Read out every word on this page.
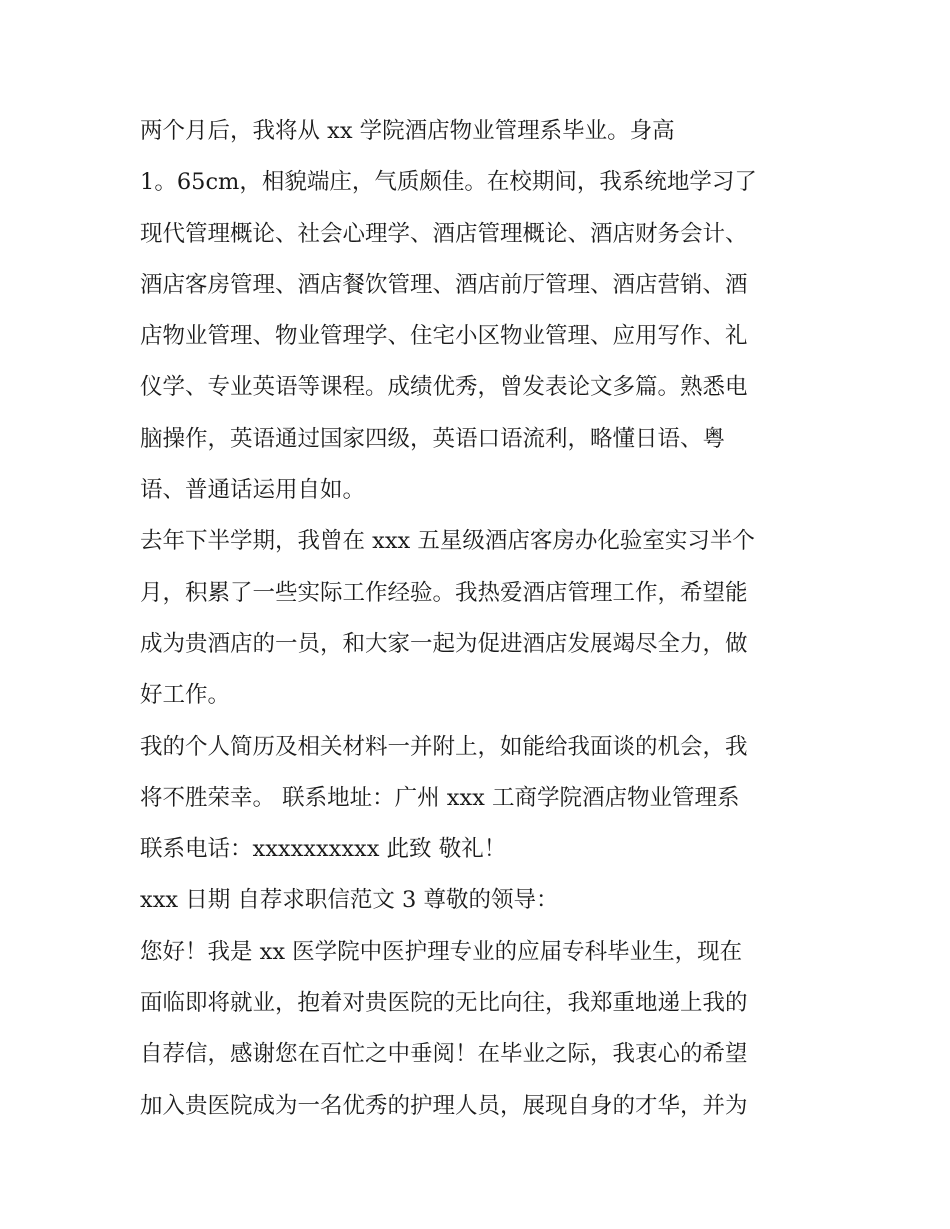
两个月后，我将从 xx 学院酒店物业管理系毕业。身高
1。65cm，相貌端庄，气质颇佳。在校期间，我系统地学习了
现代管理概论、社会心理学、酒店管理概论、酒店财务会计、
酒店客房管理、酒店餐饮管理、酒店前厅管理、酒店营销、酒
店物业管理、物业管理学、住宅小区物业管理、应用写作、礼
仪学、专业英语等课程。成绩优秀，曾发表论文多篇。熟悉电
脑操作，英语通过国家四级，英语口语流利，略懂日语、粤
语、普通话运用自如。
去年下半学期，我曾在 xxx 五星级酒店客房办化验室实习半个
月，积累了一些实际工作经验。我热爱酒店管理工作，希望能
成为贵酒店的一员，和大家一起为促进酒店发展竭尽全力，做
好工作。
我的个人简历及相关材料一并附上，如能给我面谈的机会，我
将不胜荣幸。 联系地址：广州 xxx 工商学院酒店物业管理系
联系电话：xxxxxxxxxx 此致 敬礼！
xxx 日期 自荐求职信范文 3 尊敬的领导：
您好！我是 xx 医学院中医护理专业的应届专科毕业生，现在
面临即将就业，抱着对贵医院的无比向往，我郑重地递上我的
自荐信，感谢您在百忙之中垂阅！在毕业之际，我衷心的希望
加入贵医院成为一名优秀的护理人员，展现自身的才华，并为
